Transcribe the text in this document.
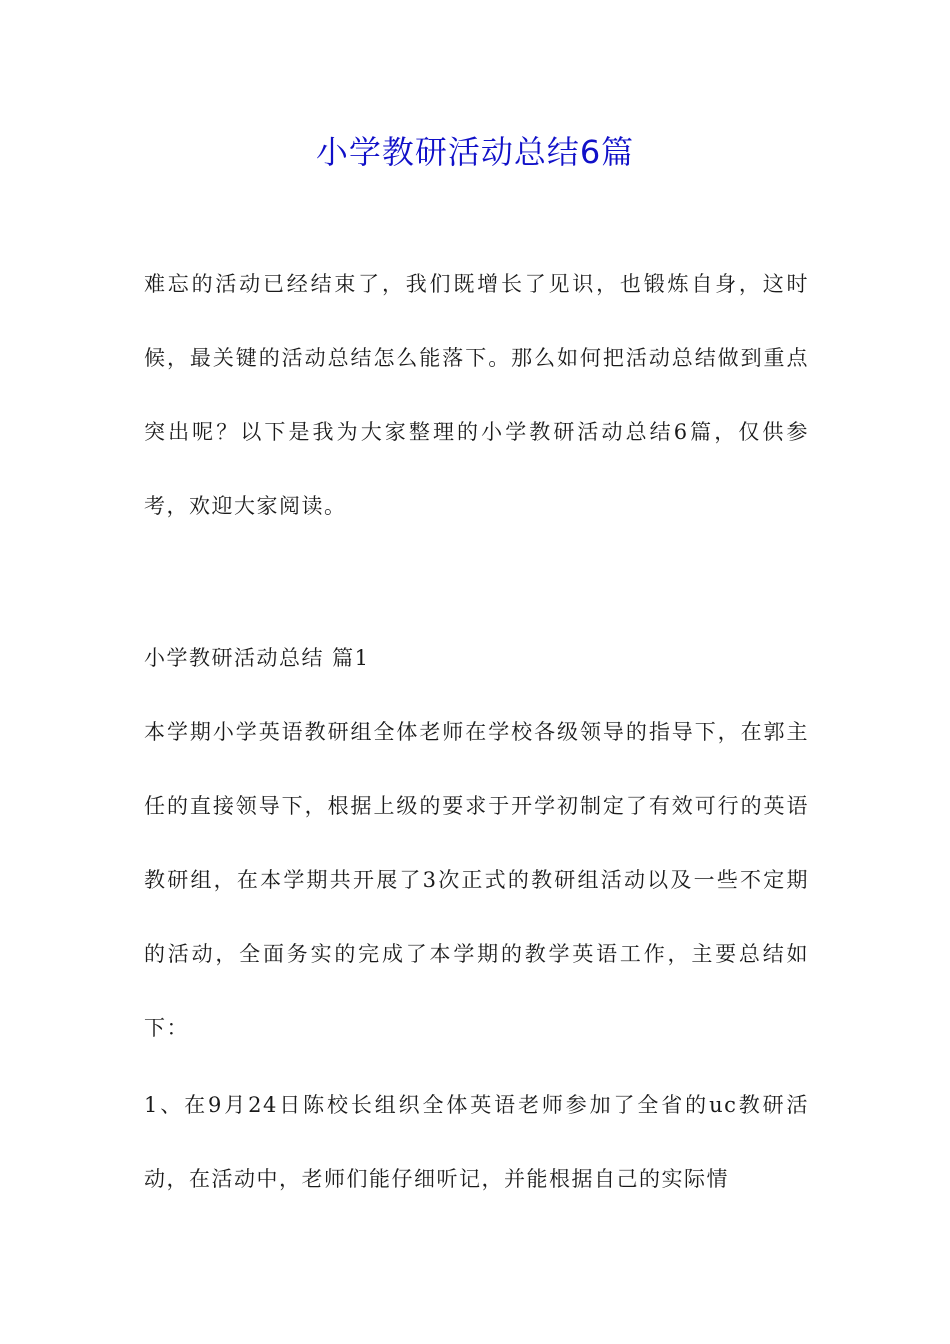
小学教研活动总结6篇

难忘的活动已经结束了，我们既增长了见识，也锻炼自身，这时候，最关键的活动总结怎么能落下。那么如何把活动总结做到重点突出呢？以下是我为大家整理的小学教研活动总结6篇，仅供参考，欢迎大家阅读。

小学教研活动总结 篇1

本学期小学英语教研组全体老师在学校各级领导的指导下，在郭主任的直接领导下，根据上级的要求于开学初制定了有效可行的英语教研组，在本学期共开展了3次正式的教研组活动以及一些不定期的活动，全面务实的完成了本学期的教学英语工作，主要总结如下：

1、在9月24日陈校长组织全体英语老师参加了全省的uc教研活动，在活动中，老师们能仔细听记，并能根据自己的实际情
